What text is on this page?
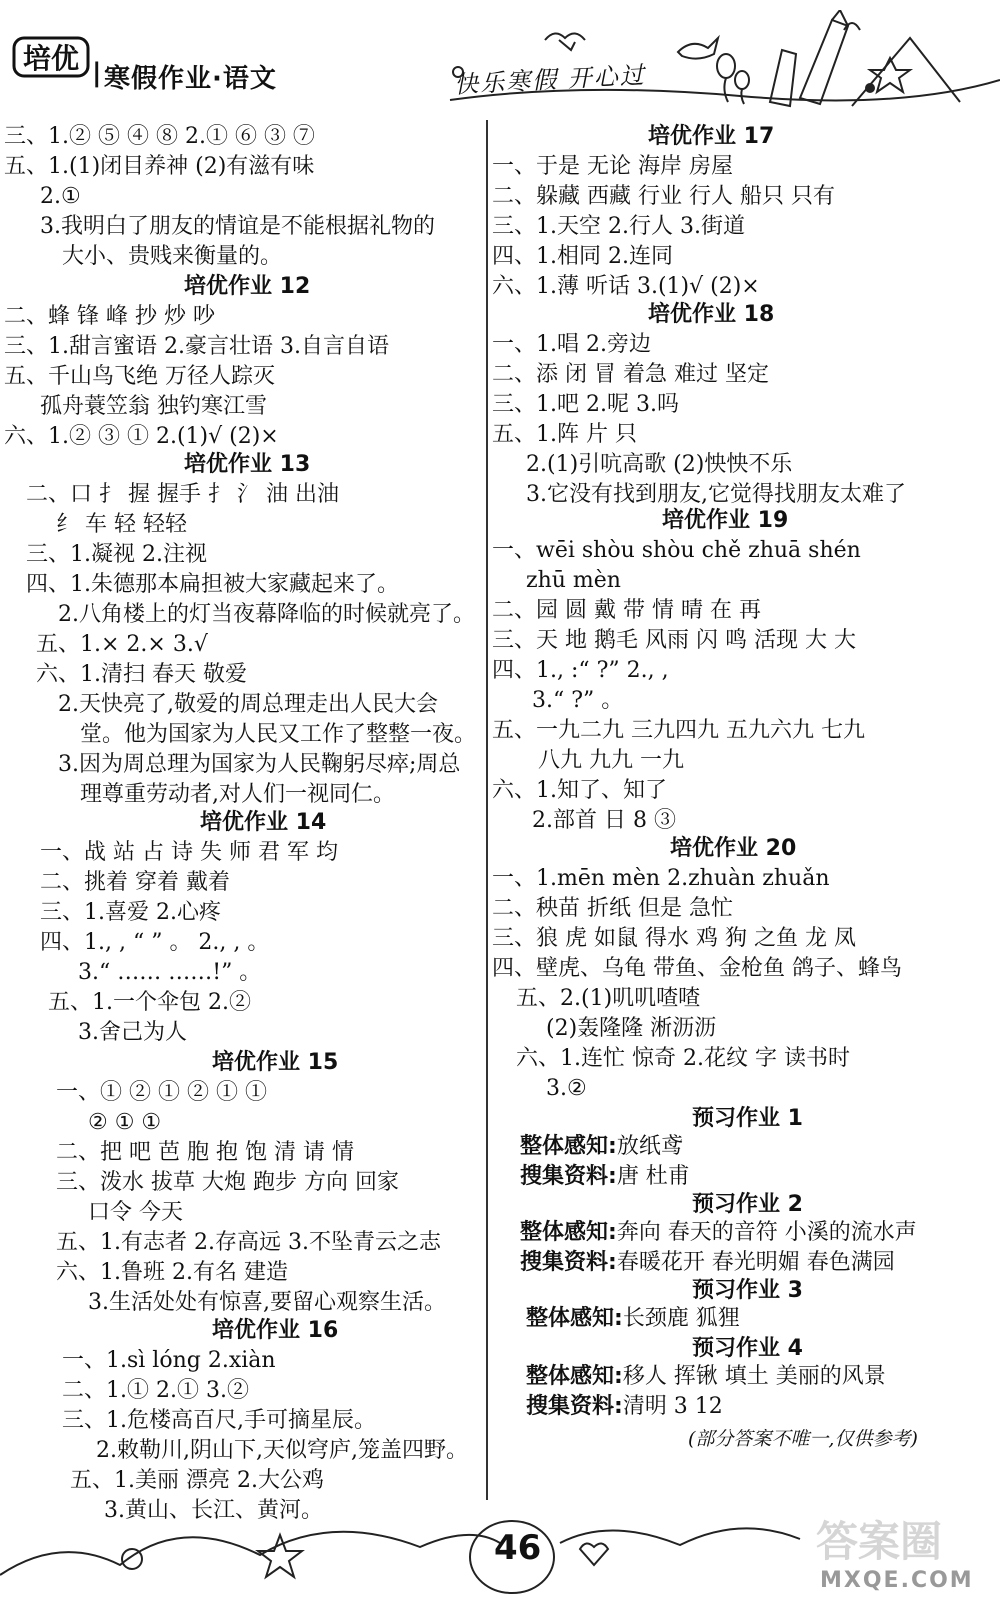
培优 | 寒假作业·语文	快乐寒假 开心过
三、1.② ⑤ ④ ⑧ 2.① ⑥ ③ ⑦
五、1.(1)闭目养神 (2)有滋有味
2.①
3.我明白了朋友的情谊是不能根据礼物的
大小、贵贱来衡量的。
培优作业 12
二、蜂 锋 峰 抄 炒 吵
三、1.甜言蜜语 2.豪言壮语 3.自言自语
五、千山鸟飞绝 万径人踪灭
孤舟蓑笠翁 独钓寒江雪
六、1.② ③ ① 2.(1)√ (2)×
培优作业 13
二、口 扌 握 握手 扌 氵 油 出油
纟 车 轻 轻轻
三、1.凝视 2.注视
四、1.朱德那本扁担被大家藏起来了。
2.八角楼上的灯当夜幕降临的时候就亮了。
五、1.× 2.× 3.√
六、1.清扫 春天 敬爱
2.天快亮了,敬爱的周总理走出人民大会
堂。他为国家为人民又工作了整整一夜。
3.因为周总理为国家为人民鞠躬尽瘁;周总
理尊重劳动者,对人们一视同仁。
培优作业 14
一、战 站 占 诗 失 师 君 军 均
二、挑着 穿着 戴着
三、1.喜爱 2.心疼
四、1., , “ ” 。 2., , 。
3.“ …… ……!” 。
五、1.一个伞包 2.②
3.舍己为人
培优作业 15
一、① ② ① ② ① ①
② ① ①
二、把 吧 芭 胞 抱 饱 清 请 情
三、泼水 拔草 大炮 跑步 方向 回家
口令 今天
五、1.有志者 2.存高远 3.不坠青云之志
六、1.鲁班 2.有名 建造
3.生活处处有惊喜,要留心观察生活。
培优作业 16
一、1.sì lóng 2.xiàn
二、1.① 2.① 3.②
三、1.危楼高百尺,手可摘星辰。
2.敕勒川,阴山下,天似穹庐,笼盖四野。
五、1.美丽 漂亮 2.大公鸡
3.黄山、长江、黄河。
培优作业 17
一、于是 无论 海岸 房屋
二、躲藏 西藏 行业 行人 船只 只有
三、1.天空 2.行人 3.街道
四、1.相同 2.连同
六、1.薄 听话 3.(1)√ (2)×
培优作业 18
一、1.唱 2.旁边
二、添 闭 冒 着急 难过 坚定
三、1.吧 2.呢 3.吗
五、1.阵 片 只
2.(1)引吭高歌 (2)怏怏不乐
3.它没有找到朋友,它觉得找朋友太难了
培优作业 19
一、wēi shòu shòu chě zhuā shén
zhū mèn
二、园 圆 戴 带 情 晴 在 再
三、天 地 鹅毛 风雨 闪 鸣 活现 大 大
四、1., :“ ?” 2., ,
3.“ ?” 。
五、一九二九 三九四九 五九六九 七九
八九 九九 一九
六、1.知了、知了
2.部首 日 8 ③
培优作业 20
一、1.mēn mèn 2.zhuàn zhuǎn
二、秧苗 折纸 但是 急忙
三、狼 虎 如鼠 得水 鸡 狗 之鱼 龙 凤
四、壁虎、乌龟 带鱼、金枪鱼 鸽子、蜂鸟
五、2.(1)叽叽喳喳
(2)轰隆隆 淅沥沥
六、1.连忙 惊奇 2.花纹 字 读书时
3.②
预习作业 1
整体感知:放纸鸢
搜集资料:唐 杜甫
预习作业 2
整体感知:奔向 春天的音符 小溪的流水声
搜集资料:春暖花开 春光明媚 春色满园
预习作业 3
整体感知:长颈鹿 狐狸
预习作业 4
整体感知:移人 挥锹 填土 美丽的风景
搜集资料:清明 3 12
(部分答案不唯一,仅供参考)
46	答案圈
MXQE.COM
